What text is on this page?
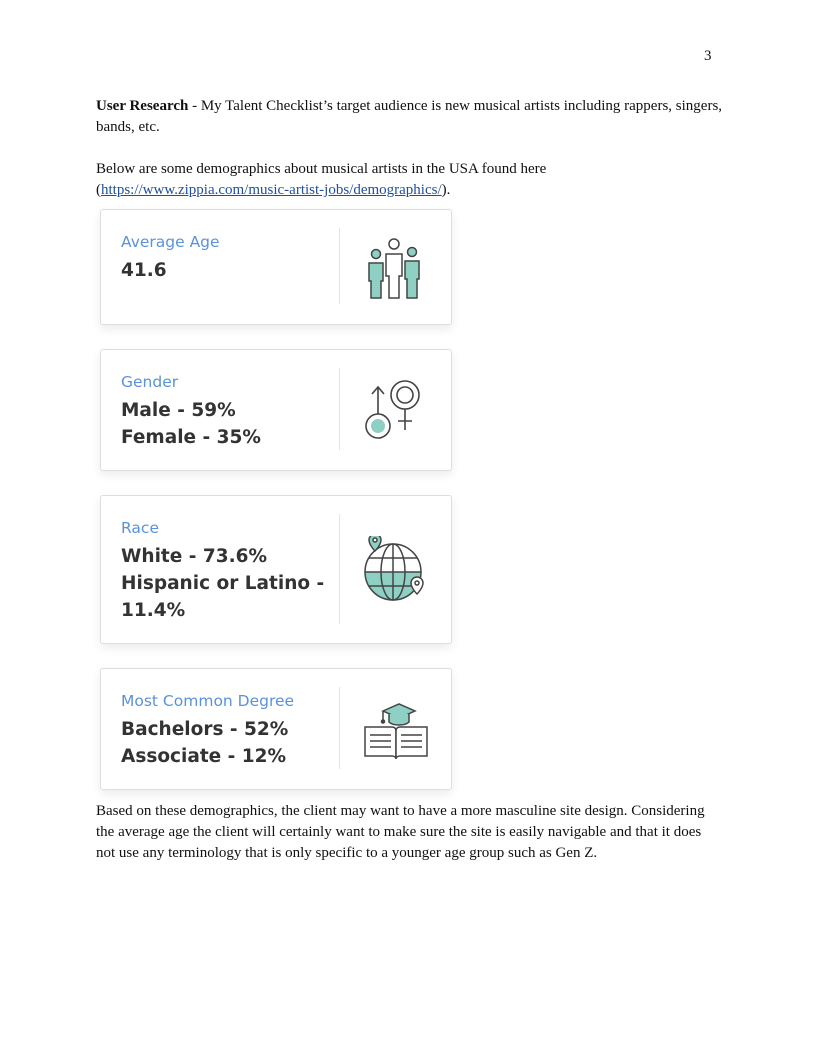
3
User Research - My Talent Checklist’s target audience is new musical artists including rappers, singers, bands, etc.
Below are some demographics about musical artists in the USA found here (https://www.zippia.com/music-artist-jobs/demographics/).
Average Age
41.6
Gender
Male - 59%
Female - 35%
Race
White - 73.6%
Hispanic or Latino - 11.4%
Most Common Degree
Bachelors - 52%
Associate - 12%
Based on these demographics, the client may want to have a more masculine site design. Considering the average age the client will certainly want to make sure the site is easily navigable and that it does not use any terminology that is only specific to a younger age group such as Gen Z.
